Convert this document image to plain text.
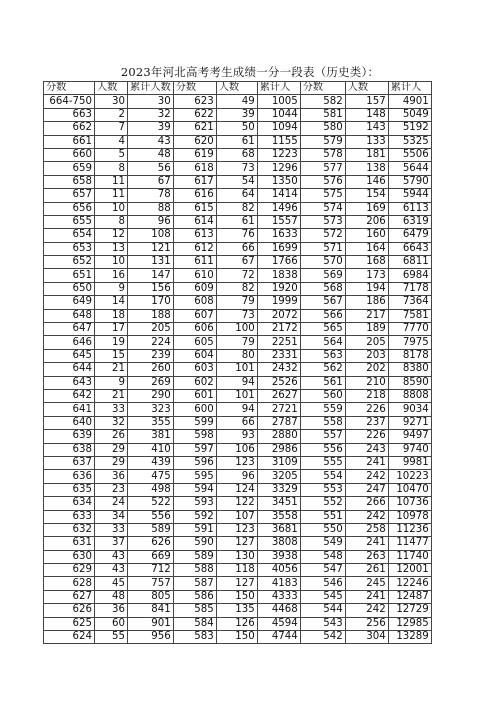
2023年河北高考考生成绩一分一段表（历史类）：
分数	人数	累计人数	分数	人数	累计人	分数	人数	累计人
664-750	30	30	623	49	1005	582	157	4901
663	2	32	622	39	1044	581	148	5049
662	7	39	621	50	1094	580	143	5192
661	4	43	620	61	1155	579	133	5325
660	5	48	619	68	1223	578	181	5506
659	8	56	618	73	1296	577	138	5644
658	11	67	617	54	1350	576	146	5790
657	11	78	616	64	1414	575	154	5944
656	10	88	615	82	1496	574	169	6113
655	8	96	614	61	1557	573	206	6319
654	12	108	613	76	1633	572	160	6479
653	13	121	612	66	1699	571	164	6643
652	10	131	611	67	1766	570	168	6811
651	16	147	610	72	1838	569	173	6984
650	9	156	609	82	1920	568	194	7178
649	14	170	608	79	1999	567	186	7364
648	18	188	607	73	2072	566	217	7581
647	17	205	606	100	2172	565	189	7770
646	19	224	605	79	2251	564	205	7975
645	15	239	604	80	2331	563	203	8178
644	21	260	603	101	2432	562	202	8380
643	9	269	602	94	2526	561	210	8590
642	21	290	601	101	2627	560	218	8808
641	33	323	600	94	2721	559	226	9034
640	32	355	599	66	2787	558	237	9271
639	26	381	598	93	2880	557	226	9497
638	29	410	597	106	2986	556	243	9740
637	29	439	596	123	3109	555	241	9981
636	36	475	595	96	3205	554	242	10223
635	23	498	594	124	3329	553	247	10470
634	24	522	593	122	3451	552	266	10736
633	34	556	592	107	3558	551	242	10978
632	33	589	591	123	3681	550	258	11236
631	37	626	590	127	3808	549	241	11477
630	43	669	589	130	3938	548	263	11740
629	43	712	588	118	4056	547	261	12001
628	45	757	587	127	4183	546	245	12246
627	48	805	586	150	4333	545	241	12487
626	36	841	585	135	4468	544	242	12729
625	60	901	584	126	4594	543	256	12985
624	55	956	583	150	4744	542	304	13289
